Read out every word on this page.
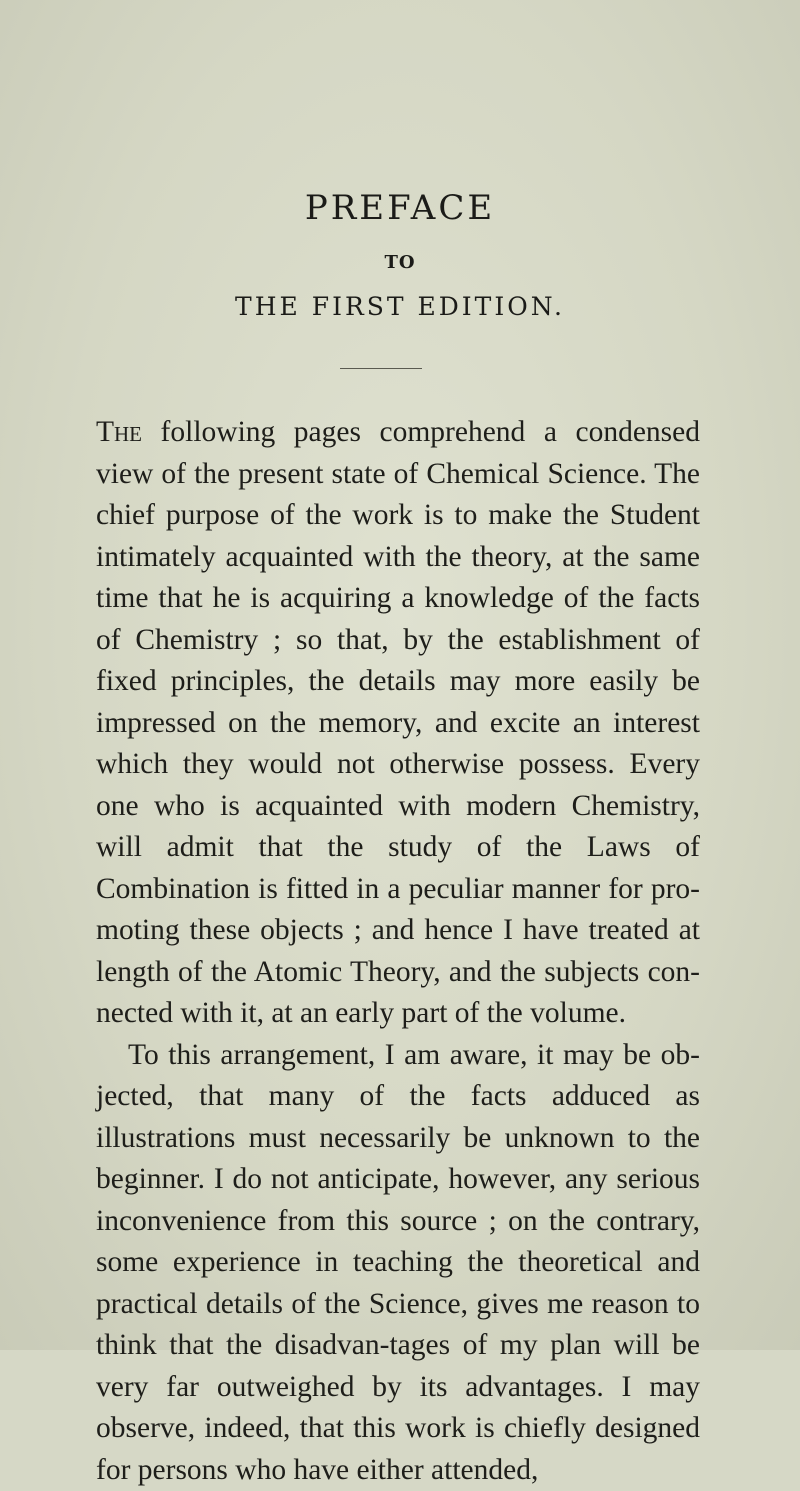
PREFACE
TO
THE FIRST EDITION.

The following pages comprehend a condensed view of the present state of Chemical Science. The chief purpose of the work is to make the Student intimately acquainted with the theory, at the same time that he is acquiring a knowledge of the facts of Chemistry ; so that, by the establishment of fixed principles, the details may more easily be impressed on the memory, and excite an interest which they would not otherwise possess. Every one who is acquainted with modern Chemistry, will admit that the study of the Laws of Combination is fitted in a peculiar manner for pro-moting these objects ; and hence I have treated at length of the Atomic Theory, and the subjects con-nected with it, at an early part of the volume.

To this arrangement, I am aware, it may be ob-jected, that many of the facts adduced as illustrations must necessarily be unknown to the beginner. I do not anticipate, however, any serious inconvenience from this source ; on the contrary, some experience in teaching the theoretical and practical details of the Science, gives me reason to think that the disadvan-tages of my plan will be very far outweighed by its advantages. I may observe, indeed, that this work is chiefly designed for persons who have either attended,
